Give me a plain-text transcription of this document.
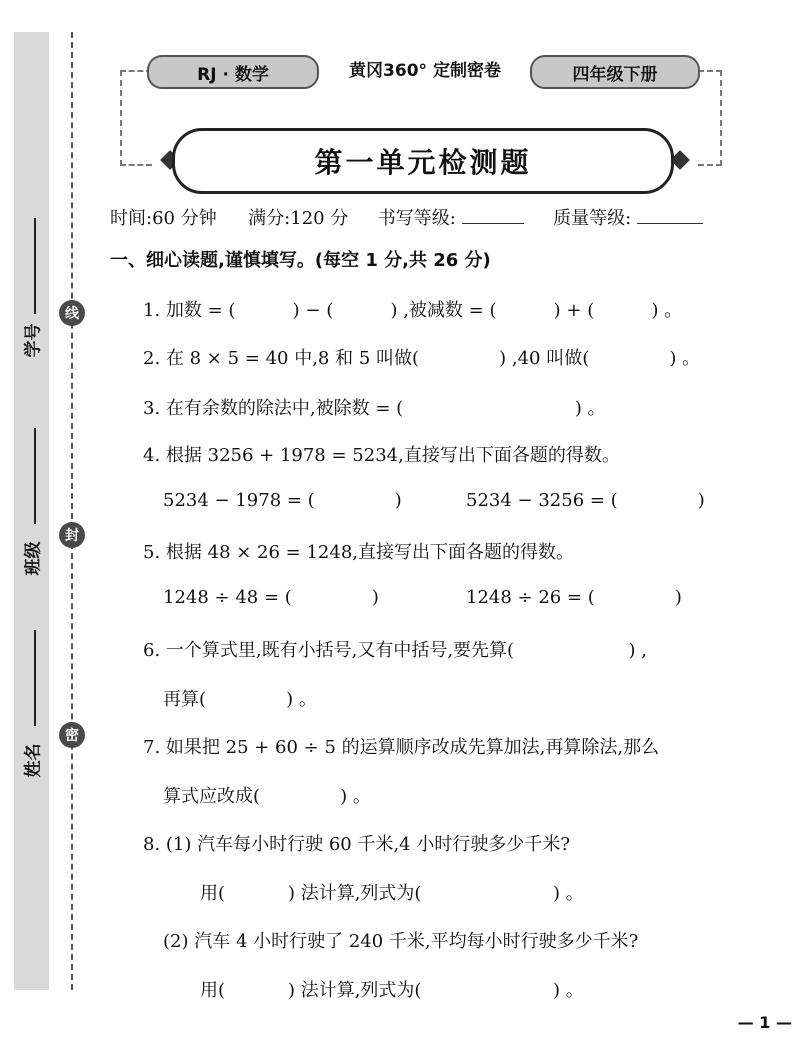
线
封
密
学号
班级
姓名
RJ · 数学	黄冈360° 定制密卷	四年级下册
第一单元检测题
时间:60 分钟 满分:120 分 书写等级:	质量等级:
一、细心读题,谨慎填写。(每空 1 分,共 26 分)
1. 加数 = (          ) − (          ) ,被减数 = (          ) + (          ) 。
2. 在 8 × 5 = 40 中,8 和 5 叫做(              ) ,40 叫做(              ) 。
3. 在有余数的除法中,被除数 = (                              ) 。
4. 根据 3256 + 1978 = 5234,直接写出下面各题的得数。
5234 − 1978 = (              )	5234 − 3256 = (              )
5. 根据 48 × 26 = 1248,直接写出下面各题的得数。
1248 ÷ 48 = (              )	1248 ÷ 26 = (              )
6. 一个算式里,既有小括号,又有中括号,要先算(                    ) ,
再算(              ) 。
7. 如果把 25 + 60 ÷ 5 的运算顺序改成先算加法,再算除法,那么
算式应改成(              ) 。
8. (1) 汽车每小时行驶 60 千米,4 小时行驶多少千米?
用(           ) 法计算,列式为(                       ) 。
(2) 汽车 4 小时行驶了 240 千米,平均每小时行驶多少千米?
用(           ) 法计算,列式为(                       ) 。
— 1 —
